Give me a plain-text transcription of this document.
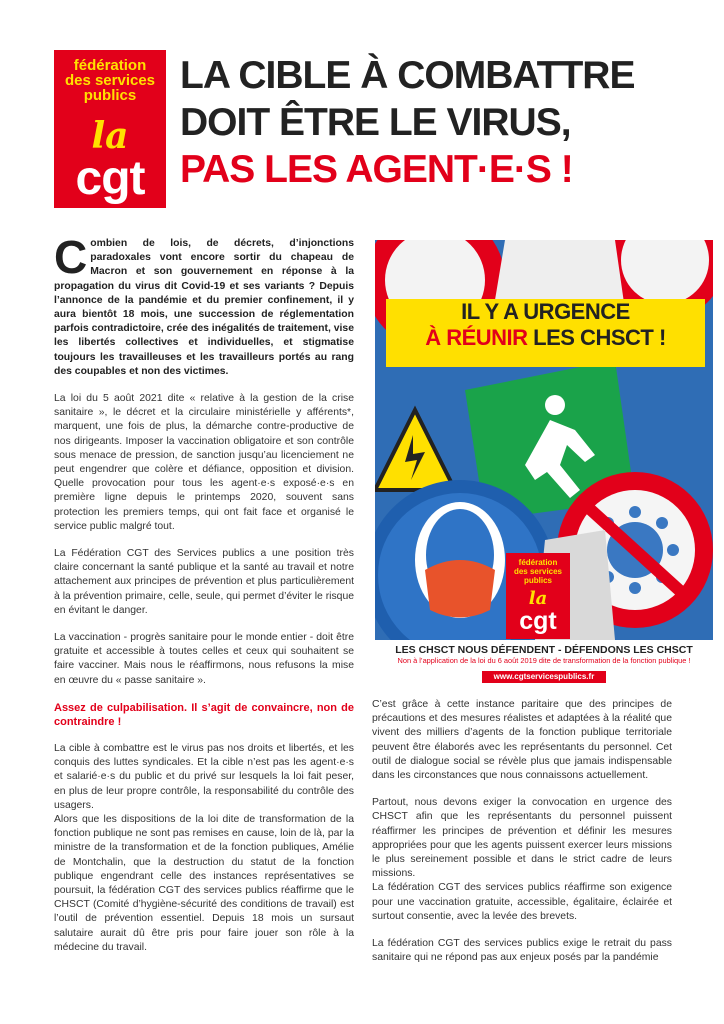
fédération
des services
publics
la
cgt
LA CIBLE À COMBATTRE
DOIT ÊTRE LE VIRUS,
PAS LES AGENT·E·S !

Combien de lois, de décrets, d’injonctions paradoxales vont encore sortir du chapeau de Macron et son gouvernement en réponse à la propagation du virus dit Covid-19 et ses variants ? Depuis l’annonce de la pandémie et du premier confinement, il y aura bientôt 18 mois, une succession de réglementation parfois contradictoire, crée des inégalités de traitement, vise les libertés collectives et individuelles, et stigmatise toujours les travailleuses et les travailleurs portés au rang des coupables et non des victimes.

La loi du 5 août 2021 dite « relative à la gestion de la crise sanitaire », le décret et la circulaire ministérielle y afférents*, marquent, une fois de plus, la démarche contre-productive de nos dirigeants. Imposer la vaccination obligatoire et son contrôle sous menace de pression, de sanction jusqu’au licenciement ne peut engendrer que colère et défiance, opposition et division. Quelle provocation pour tous les agent·e·s exposé·e·s en première ligne depuis le printemps 2020, souvent sans protection les premiers temps, qui ont fait face et organisé le service public malgré tout.

La Fédération CGT des Services publics a une position très claire concernant la santé publique et la santé au travail et notre attachement aux principes de prévention et plus particulièrement à la prévention primaire, celle, seule, qui permet d’éviter le risque en évitant le danger.

La vaccination - progrès sanitaire pour le monde entier - doit être gratuite et accessible à toutes celles et ceux qui souhaitent se faire vacciner. Mais nous le réaffirmons, nous refusons la mise en œuvre du « passe sanitaire ».

Assez de culpabilisation. Il s’agit de convaincre, non de contraindre !

La cible à combattre est le virus pas nos droits et libertés, et les conquis des luttes syndicales. Et la cible n’est pas les agent·e·s et salarié·e·s du public et du privé sur lesquels la loi fait peser, en plus de leur propre contrôle, la responsabilité du contrôle des usagers.

Alors que les dispositions de la loi dite de transformation de la fonction publique ne sont pas remises en cause, loin de là, par la ministre de la transformation et de la fonction publiques, Amélie de Montchalin, que la destruction du statut de la fonction publique engendrant celle des instances représentatives se poursuit, la fédération CGT des services publics réaffirme que le CHSCT (Comité d’hygiène-sécurité des conditions de travail) est l’outil de prévention essentiel. Depuis 18 mois un sursaut salutaire aurait dû être pris pour faire jouer son rôle à la médecine du travail.

IL Y A URGENCE
À RÉUNIR LES CHSCT !
fédération
des services
publics
la
cgt
LES CHSCT NOUS DÉFENDENT - DÉFENDONS LES CHSCT
Non à l’application de la loi du 6 août 2019 dite de transformation de la fonction publique !
www.cgtservicespublics.fr

C’est grâce à cette instance paritaire que des principes de précautions et des mesures réalistes et adaptées à la réalité que vivent des milliers d’agents de la fonction publique territoriale peuvent être élaborés avec les représentants du personnel. Cet outil de dialogue social se révèle plus que jamais indispensable dans les circonstances que nous connaissons actuellement.

Partout, nous devons exiger la convocation en urgence des CHSCT afin que les représentants du personnel puissent réaffirmer les principes de prévention et définir les mesures appropriées pour que les agents puissent exercer leurs missions le plus sereinement possible et dans le strict cadre de leurs missions.

La fédération CGT des services publics réaffirme son exigence pour une vaccination gratuite, accessible, égalitaire, éclairée et surtout consentie, avec la levée des brevets.

La fédération CGT des services publics exige le retrait du pass sanitaire qui ne répond pas aux enjeux posés par la pandémie
